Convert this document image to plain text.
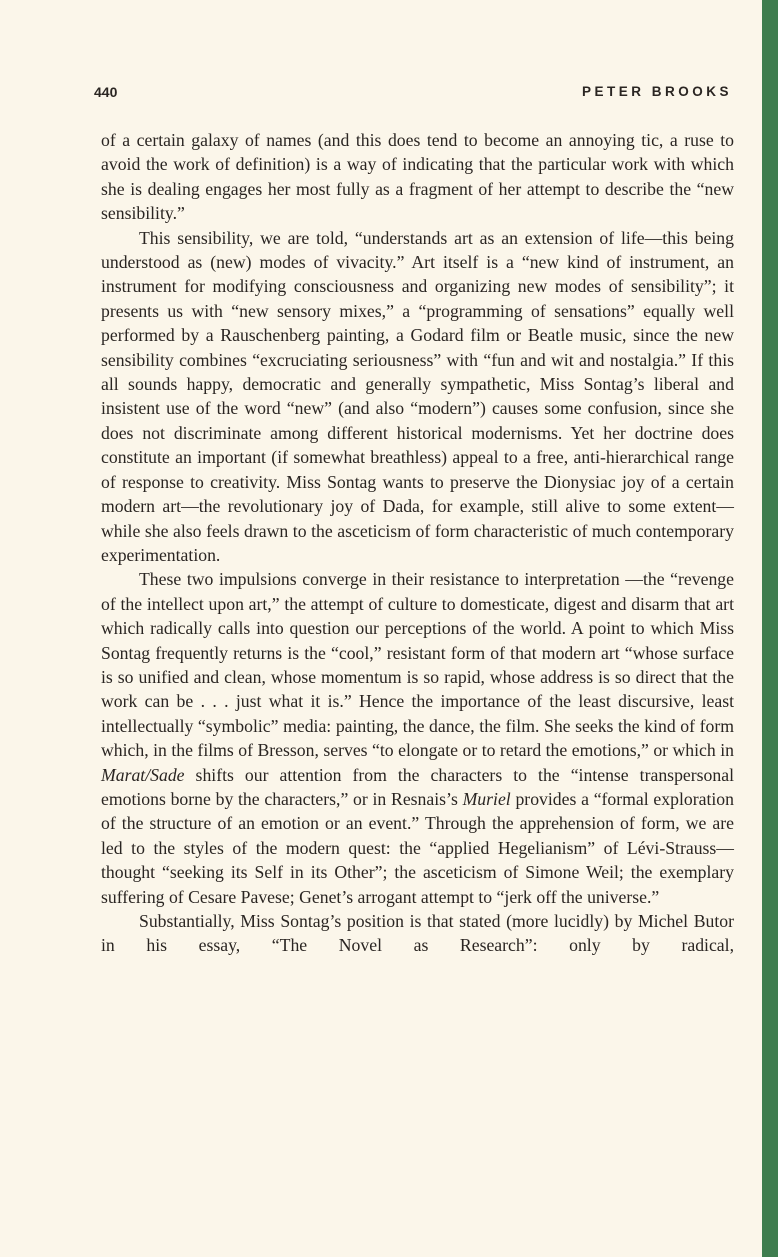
440	PETER BROOKS

of a certain galaxy of names (and this does tend to become an annoying tic, a ruse to avoid the work of definition) is a way of indicating that the particular work with which she is dealing engages her most fully as a fragment of her attempt to describe the “new sensibility.”

This sensibility, we are told, “understands art as an extension of life—this being understood as (new) modes of vivacity.” Art itself is a “new kind of instrument, an instrument for modifying consciousness and organizing new modes of sensibility”; it presents us with “new sensory mixes,” a “programming of sensations” equally well performed by a Rauschenberg painting, a Godard film or Beatle music, since the new sensibility combines “excruciating seriousness” with “fun and wit and nostalgia.” If this all sounds happy, democratic and generally sympathetic, Miss Sontag’s liberal and insistent use of the word “new” (and also “modern”) causes some confusion, since she does not discriminate among different historical modernisms. Yet her doctrine does constitute an important (if somewhat breathless) appeal to a free, anti-hierarchical range of response to creativity. Miss Sontag wants to preserve the Dionysiac joy of a certain modern art—the revolutionary joy of Dada, for example, still alive to some extent—while she also feels drawn to the asceticism of form characteristic of much contemporary experimentation.

These two impulsions converge in their resistance to interpretation —the “revenge of the intellect upon art,” the attempt of culture to domesticate, digest and disarm that art which radically calls into question our perceptions of the world. A point to which Miss Sontag frequently returns is the “cool,” resistant form of that modern art “whose surface is so unified and clean, whose momentum is so rapid, whose address is so direct that the work can be . . . just what it is.” Hence the importance of the least discursive, least intellectually “symbolic” media: painting, the dance, the film. She seeks the kind of form which, in the films of Bresson, serves “to elongate or to retard the emotions,” or which in Marat/Sade shifts our attention from the characters to the “intense transpersonal emotions borne by the characters,” or in Resnais’s Muriel provides a “formal exploration of the structure of an emotion or an event.” Through the apprehension of form, we are led to the styles of the modern quest: the “applied Hegelianism” of Lévi-Strauss—thought “seeking its Self in its Other”; the asceticism of Simone Weil; the exemplary suffering of Cesare Pavese; Genet’s arrogant attempt to “jerk off the universe.”

Substantially, Miss Sontag’s position is that stated (more lucidly) by Michel Butor in his essay, “The Novel as Research”: only by radical,
